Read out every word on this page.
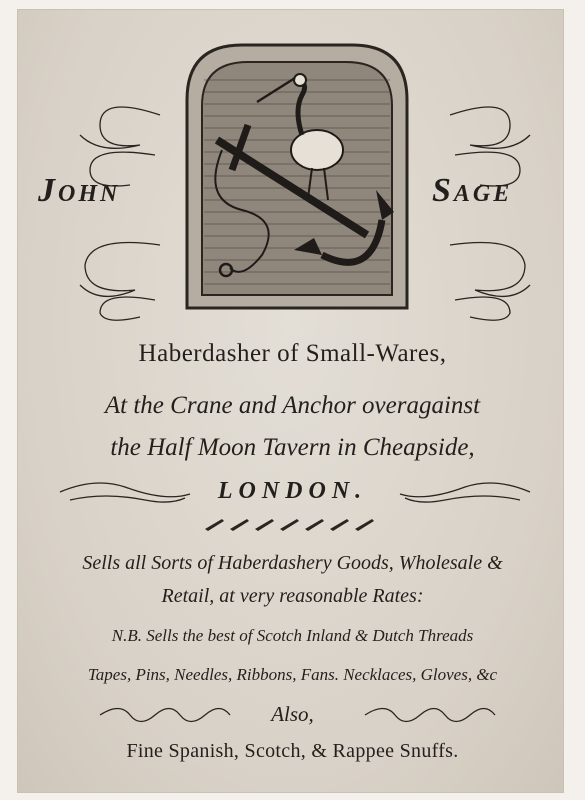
John	Sage
Haberdasher of Small-Wares,
At the Crane and Anchor overagainst
the Half Moon Tavern in Cheapside,
LONDON.
Sells all Sorts of Haberdashery Goods, Wholesale &
Retail, at very reasonable Rates:
N.B. Sells the best of Scotch Inland & Dutch Threads
Tapes, Pins, Needles, Ribbons, Fans. Necklaces, Gloves, &c
Also,
Fine Spanish, Scotch, & Rappee Snuffs.
